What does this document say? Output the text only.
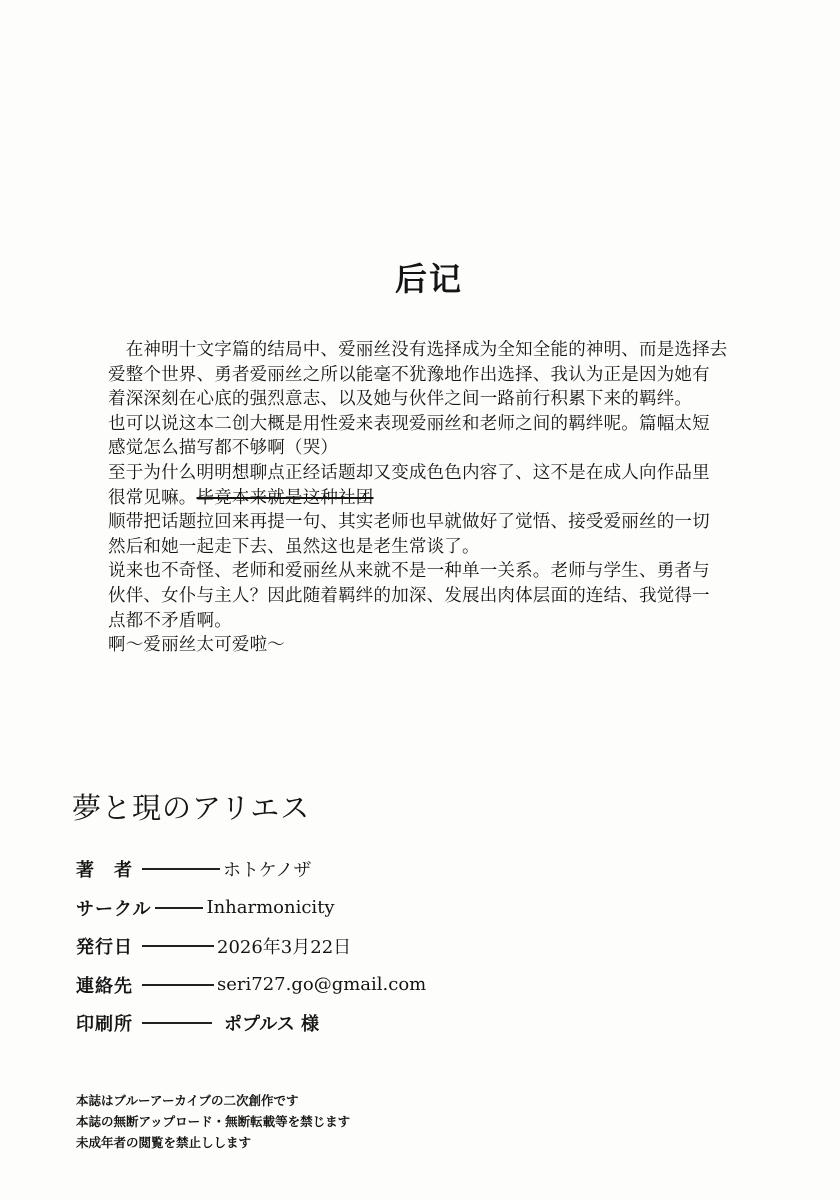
后记
　在神明十文字篇的结局中、爱丽丝没有选择成为全知全能的神明、而是选择去
爱整个世界、勇者爱丽丝之所以能毫不犹豫地作出选择、我认为正是因为她有
着深深刻在心底的强烈意志、以及她与伙伴之间一路前行积累下来的羁绊。
也可以说这本二创大概是用性爱来表现爱丽丝和老师之间的羁绊呢。篇幅太短
感觉怎么描写都不够啊（哭）
至于为什么明明想聊点正经话题却又变成色色内容了、这不是在成人向作品里
很常见嘛。毕竟本来就是这种社团
顺带把话题拉回来再提一句、其实老师也早就做好了觉悟、接受爱丽丝的一切
然后和她一起走下去、虽然这也是老生常谈了。
说来也不奇怪、老师和爱丽丝从来就不是一种单一关系。老师与学生、勇者与
伙伴、女仆与主人？因此随着羁绊的加深、发展出肉体层面的连结、我觉得一
点都不矛盾啊。
啊～爱丽丝太可爱啦～
夢と現のアリエス
著　者	ホトケノザ
サークル	Inharmonicity
発行日	2026年3月22日
連絡先	seri727.go@gmail.com
印刷所	ポプルス 様
本誌はブルーアーカイブの二次創作です
本誌の無断アップロード・無断転載等を禁じます
未成年者の閲覧を禁止しします
